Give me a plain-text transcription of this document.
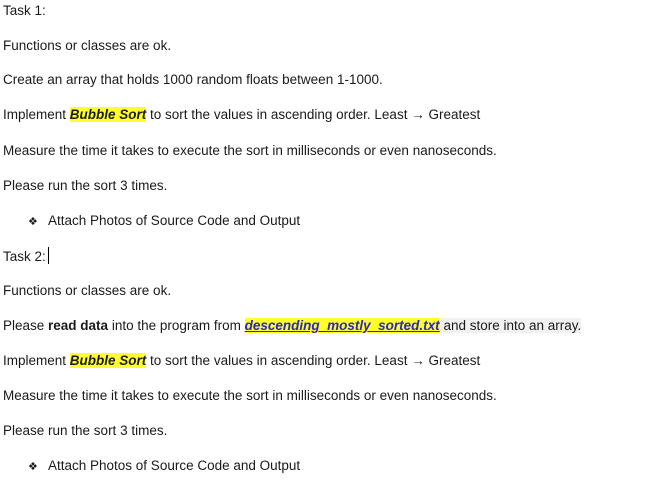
Task 1:
Functions or classes are ok.
Create an array that holds 1000 random floats between 1-1000.
Implement Bubble Sort to sort the values in ascending order. Least → Greatest
Measure the time it takes to execute the sort in milliseconds or even nanoseconds.
Please run the sort 3 times.
❖ Attach Photos of Source Code and Output
Task 2:
Functions or classes are ok.
Please read data into the program from descending_mostly_sorted.txt and store into an array.
Implement Bubble Sort to sort the values in ascending order. Least → Greatest
Measure the time it takes to execute the sort in milliseconds or even nanoseconds.
Please run the sort 3 times.
❖ Attach Photos of Source Code and Output
